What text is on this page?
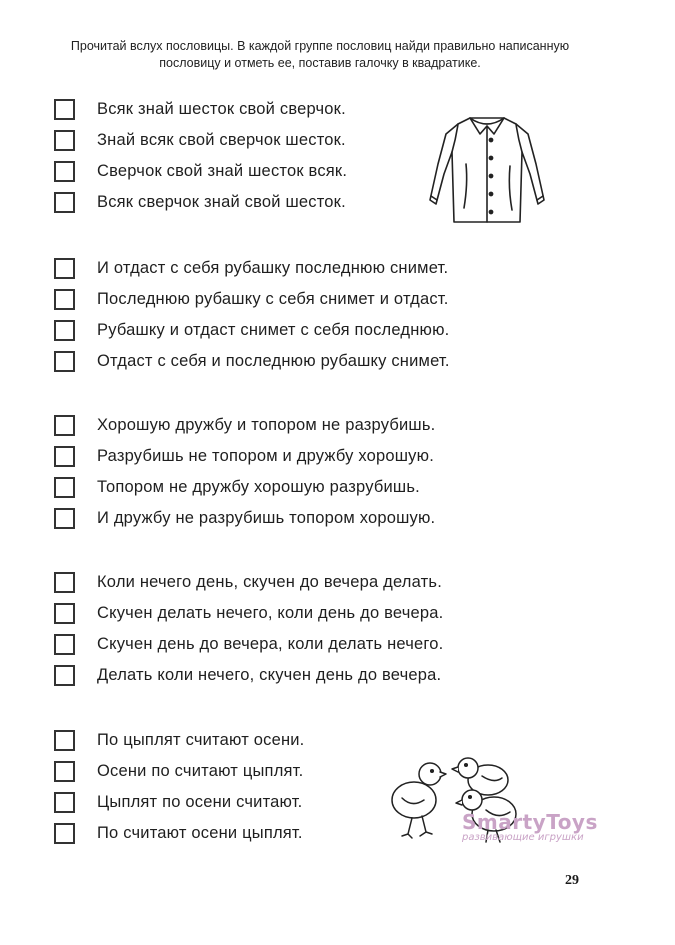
Прочитай вслух пословицы. В каждой группе пословиц найди правильно написанную пословицу и отметь ее, поставив галочку в квадратике.
Всяк знай шесток свой сверчок.
Знай всяк свой сверчок шесток.
Сверчок свой знай шесток всяк.
Всяк сверчок знай свой шесток.
И отдаст с себя рубашку последнюю снимет.
Последнюю рубашку с себя снимет и отдаст.
Рубашку и отдаст снимет с себя последнюю.
Отдаст с себя и последнюю рубашку снимет.
Хорошую дружбу и топором не разрубишь.
Разрубишь не топором и дружбу хорошую.
Топором не дружбу хорошую разрубишь.
И дружбу не разрубишь топором хорошую.
Коли нечего день, скучен до вечера делать.
Скучен делать нечего, коли день до вечера.
Скучен день до вечера, коли делать нечего.
Делать коли нечего, скучен день до вечера.
По цыплят считают осени.
Осени по считают цыплят.
Цыплят по осени считают.
По считают осени цыплят.	SmartyToys
развивающие игрушки
29
